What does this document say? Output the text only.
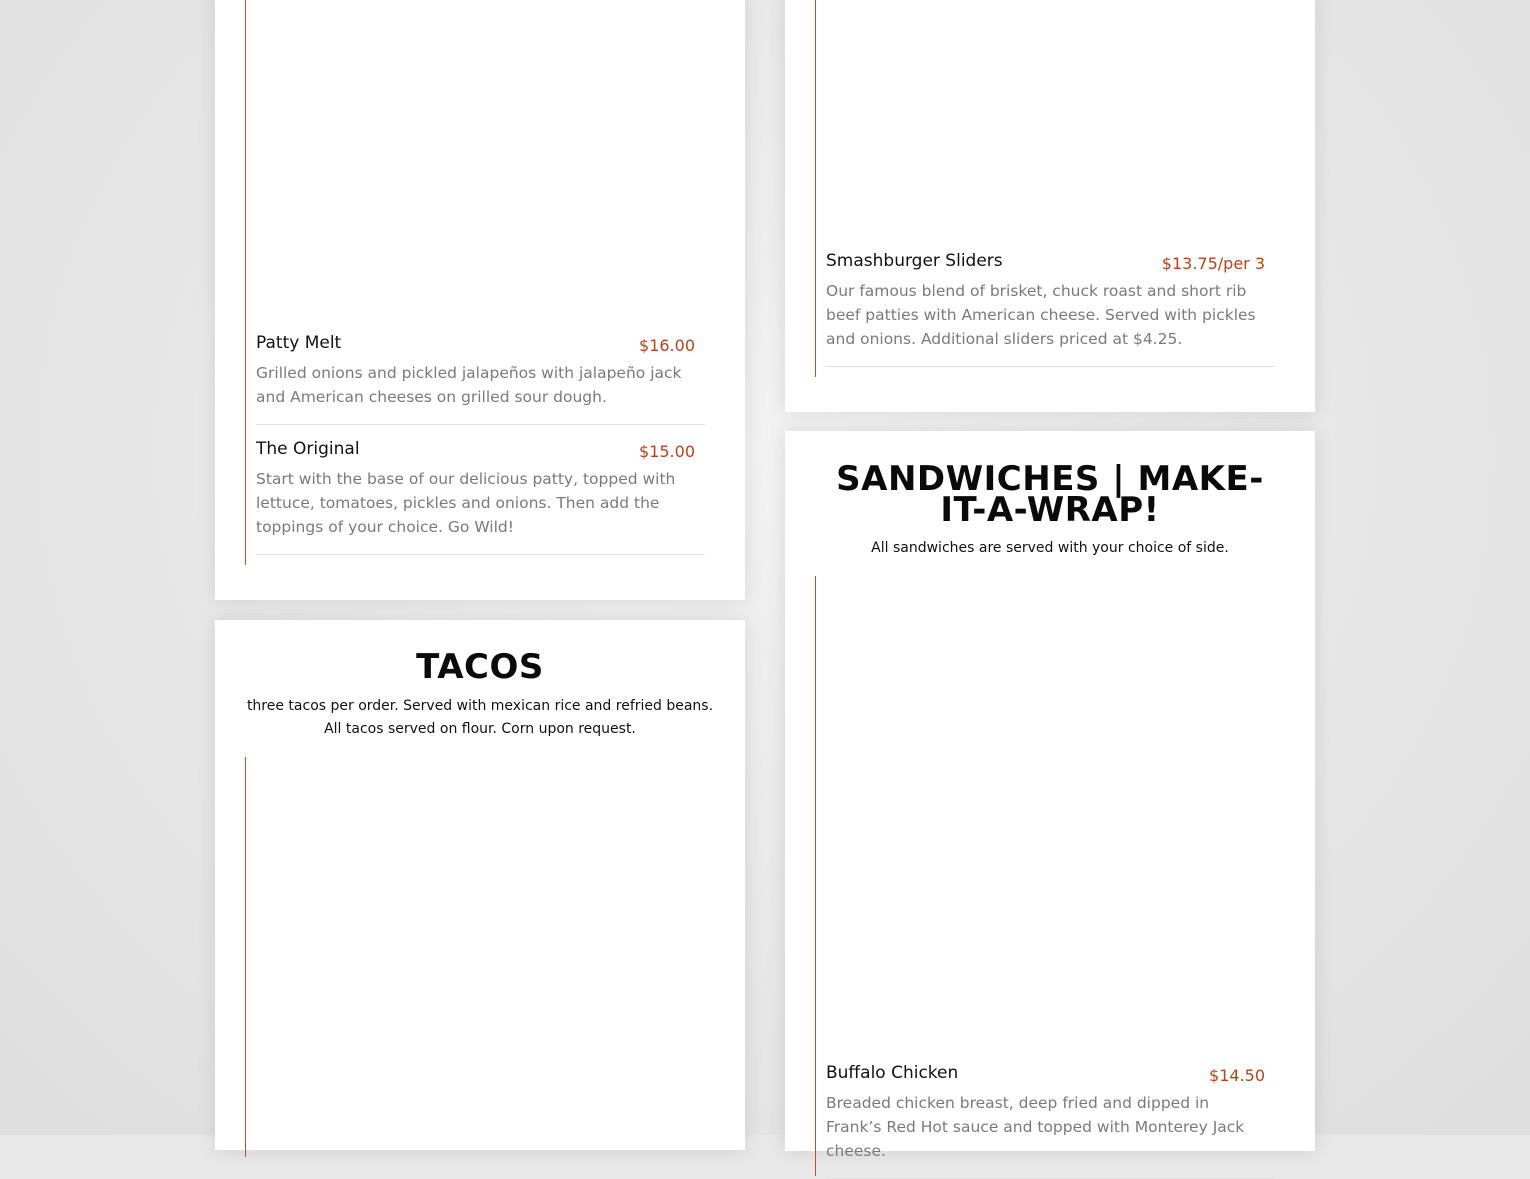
Patty Melt	$16.00
Grilled onions and pickled jalapeños with jalapeño jack and American cheeses on grilled sour dough.
The Original	$15.00
Start with the base of our delicious patty, topped with lettuce, tomatoes, pickles and onions. Then add the toppings of your choice. Go Wild!
Smashburger Sliders	$13.75/per 3
Our famous blend of brisket, chuck roast and short rib beef patties with American cheese. Served with pickles and onions. Additional sliders priced at $4.25.
TACOS
three tacos per order. Served with mexican rice and refried beans. All tacos served on flour. Corn upon request.
SANDWICHES | MAKE-IT-A-WRAP!
All sandwiches are served with your choice of side.
Buffalo Chicken	$14.50
Breaded chicken breast, deep fried and dipped in Frank’s Red Hot sauce and topped with Monterey Jack cheese.
